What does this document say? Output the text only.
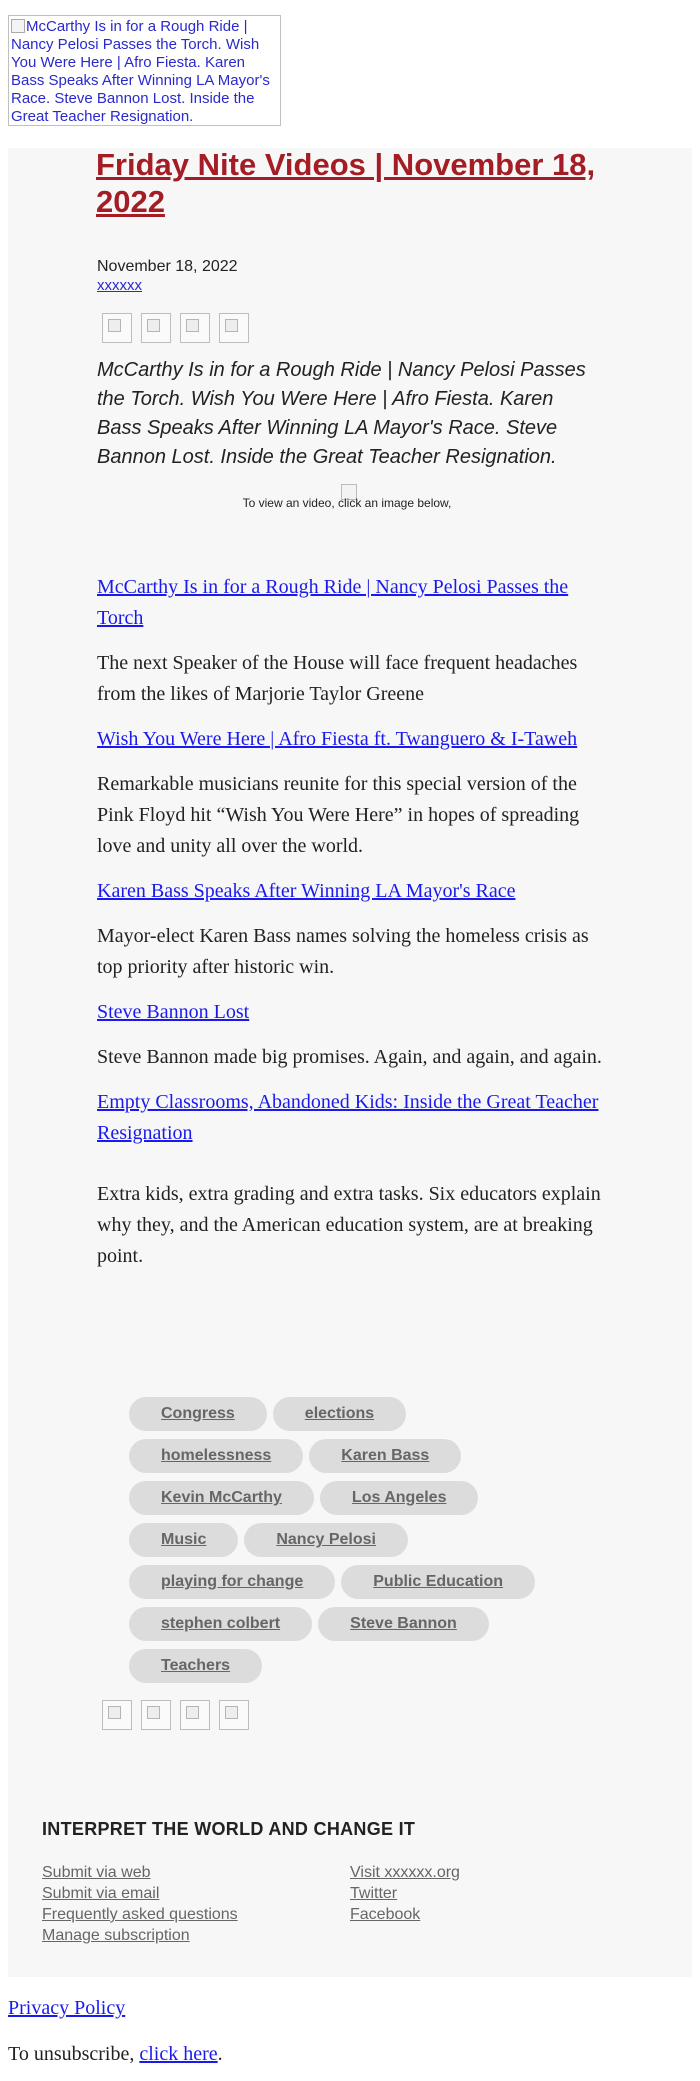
McCarthy Is in for a Rough Ride | Nancy Pelosi Passes the Torch. Wish You Were Here | Afro Fiesta. Karen Bass Speaks After Winning LA Mayor's Race. Steve Bannon Lost. Inside the Great Teacher Resignation.
Friday Nite Videos | November 18, 2022
November 18, 2022
xxxxxx

McCarthy Is in for a Rough Ride | Nancy Pelosi Passes the Torch. Wish You Were Here | Afro Fiesta. Karen Bass Speaks After Winning LA Mayor's Race. Steve Bannon Lost. Inside the Great Teacher Resignation.

To view an video, click an image below,
McCarthy Is in for a Rough Ride | Nancy Pelosi Passes the Torch

The next Speaker of the House will face frequent headaches from the likes of Marjorie Taylor Greene

Wish You Were Here | Afro Fiesta ft. Twanguero & I-Taweh

Remarkable musicians reunite for this special version of the Pink Floyd hit “Wish You Were Here” in hopes of spreading love and unity all over the world.

Karen Bass Speaks After Winning LA Mayor's Race

Mayor-elect Karen Bass names solving the homeless crisis as top priority after historic win.

Steve Bannon Lost

Steve Bannon made big promises. Again, and again, and again.

Empty Classrooms, Abandoned Kids: Inside the Great Teacher Resignation

Extra kids, extra grading and extra tasks. Six educators explain why they, and the American education system, are at breaking point.

Congress	elections
homelessness	Karen Bass
Kevin McCarthy	Los Angeles
Music	Nancy Pelosi
playing for change	Public Education
stephen colbert	Steve Bannon
Teachers
INTERPRET THE WORLD AND CHANGE IT
Submit via web
Submit via email
Frequently asked questions
Manage subscription
Visit xxxxxx.org
Twitter
Facebook
Privacy Policy
To unsubscribe, click here.
